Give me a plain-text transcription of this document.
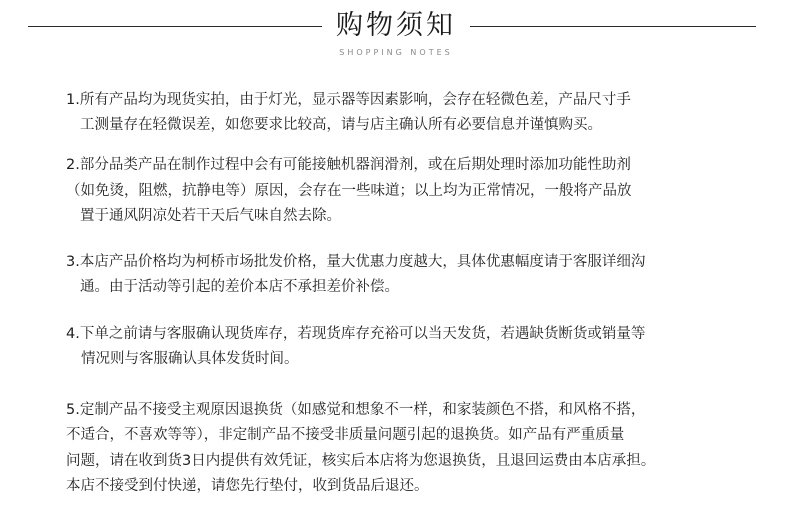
购物须知
SHOPPING NOTES
1.所有产品均为现货实拍，由于灯光，显示器等因素影响，会存在轻微色差，产品尺寸手
工测量存在轻微误差，如您要求比较高，请与店主确认所有必要信息并谨慎购买。
2.部分品类产品在制作过程中会有可能接触机器润滑剂，或在后期处理时添加功能性助剂
（如免烫，阻燃，抗静电等）原因，会存在一些味道；以上均为正常情况，一般将产品放
置于通风阴凉处若干天后气味自然去除。
3.本店产品价格均为柯桥市场批发价格，量大优惠力度越大，具体优惠幅度请于客服详细沟
通。由于活动等引起的差价本店不承担差价补偿。
4.下单之前请与客服确认现货库存，若现货库存充裕可以当天发货，若遇缺货断货或销量等
情况则与客服确认具体发货时间。
5.定制产品不接受主观原因退换货（如感觉和想象不一样，和家装颜色不搭，和风格不搭，
不适合，不喜欢等等），非定制产品不接受非质量问题引起的退换货。如产品有严重质量
问题，请在收到货3日内提供有效凭证，核实后本店将为您退换货，且退回运费由本店承担。
本店不接受到付快递，请您先行垫付，收到货品后退还。
